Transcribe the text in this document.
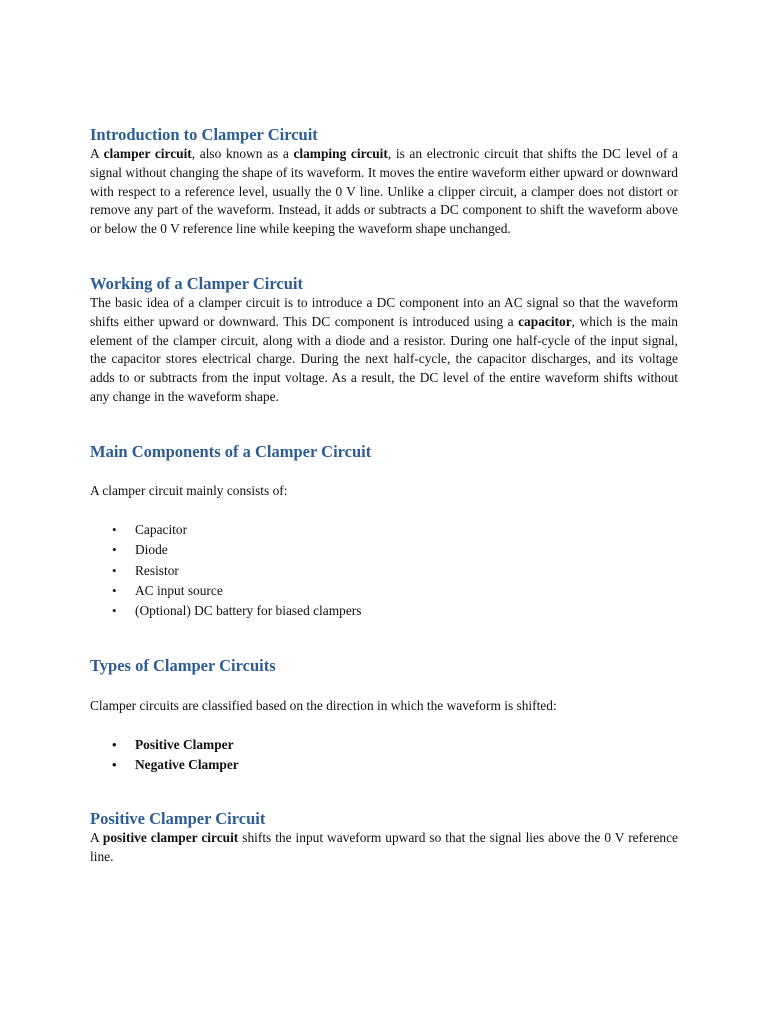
Introduction to Clamper Circuit

A clamper circuit, also known as a clamping circuit, is an electronic circuit that shifts the DC level of a signal without changing the shape of its waveform. It moves the entire waveform either upward or downward with respect to a reference level, usually the 0 V line. Unlike a clipper circuit, a clamper does not distort or remove any part of the waveform. Instead, it adds or subtracts a DC component to shift the waveform above or below the 0 V reference line while keeping the waveform shape unchanged.

Working of a Clamper Circuit

The basic idea of a clamper circuit is to introduce a DC component into an AC signal so that the waveform shifts either upward or downward. This DC component is introduced using a capacitor, which is the main element of the clamper circuit, along with a diode and a resistor. During one half-cycle of the input signal, the capacitor stores electrical charge. During the next half-cycle, the capacitor discharges, and its voltage adds to or subtracts from the input voltage. As a result, the DC level of the entire waveform shifts without any change in the waveform shape.

Main Components of a Clamper Circuit

A clamper circuit mainly consists of:

• Capacitor
• Diode
• Resistor
• AC input source
• (Optional) DC battery for biased clampers
Types of Clamper Circuits

Clamper circuits are classified based on the direction in which the waveform is shifted:

• Positive Clamper
• Negative Clamper
Positive Clamper Circuit

A positive clamper circuit shifts the input waveform upward so that the signal lies above the 0 V reference line.
